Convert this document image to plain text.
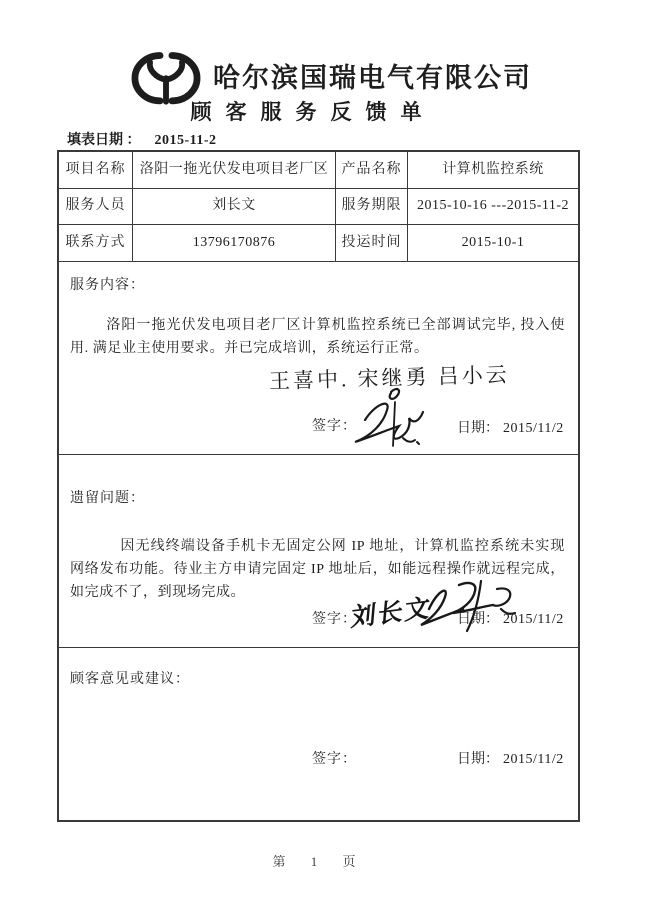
哈尔滨国瑞电气有限公司
顾客服务反馈单
填表日期 ： 2015-11-2
项目名称	洛阳一拖光伏发电项目老厂区 产品名称	计算机监控系统
服务人员	刘长文	服务期限	2015-10-16 ---2015-11-2
联系方式	13796170876	投运时间	2015-10-1
服务内容：
洛阳一拖光伏发电项目老厂区计算机监控系统已全部调试完毕, 投入使用. 满足业主使用要求。并已完成培训，系统运行正常。
王喜中. 宋继勇 吕小云
签字：	日期： 2015/11/2
遗留问题：
因无线终端设备手机卡无固定公网 IP 地址，计算机监控系统未实现网络发布功能。待业主方申请完固定 IP 地址后，如能远程操作就远程完成，如完成不了，到现场完成。
签字：
刘长文 日期： 2015/11/2
顾客意见或建议：
签字：	日期： 2015/11/2
第 1 页
